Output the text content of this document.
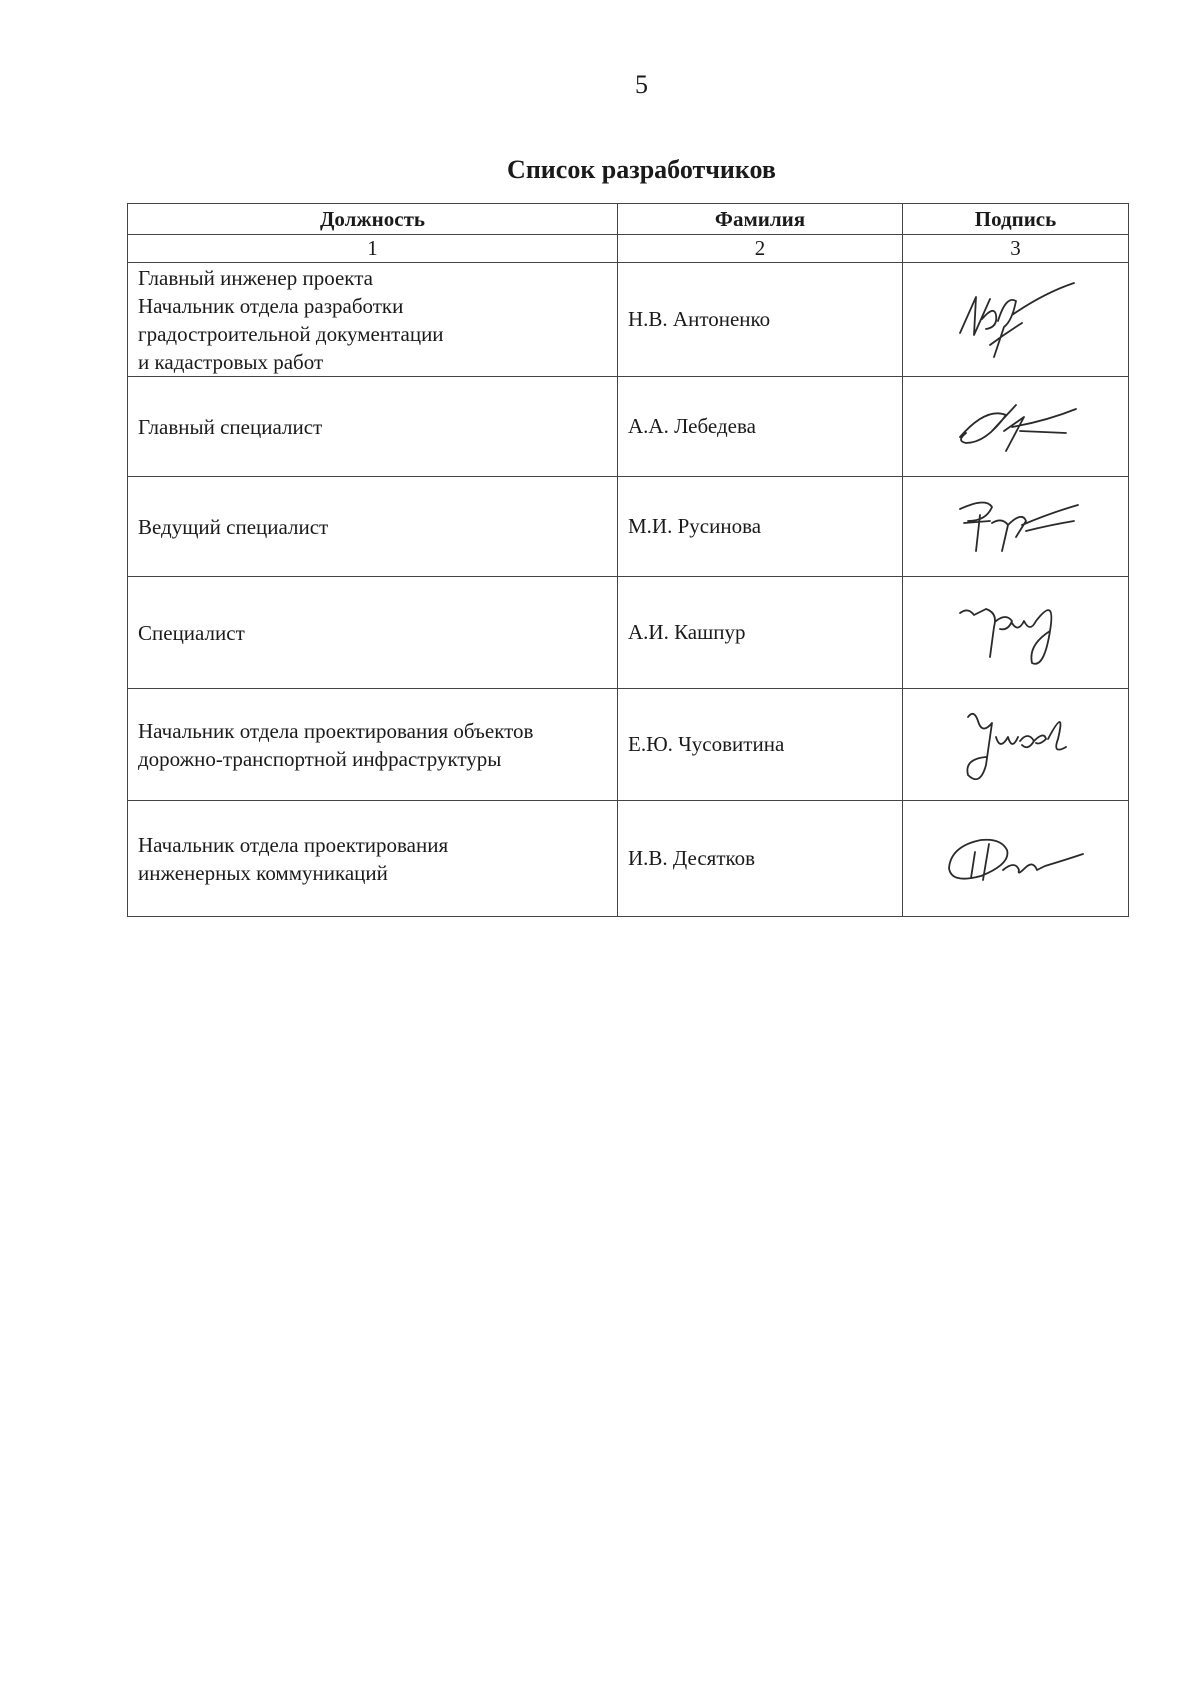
5
Список разработчиков
Должность	Фамилия	Подпись
1	2	3
Главный инженер проекта
Начальник отдела разработки
градостроительной документации
и кадастровых работ	Н.В. Антоненко	

Главный специалист	А.А. Лебедева	

Ведущий специалист	М.И. Русинова	

Специалист	А.И. Кашпур	

Начальник отдела проектирования объектов
дорожно-транспортной инфраструктуры	Е.Ю. Чусовитина	

Начальник отдела проектирования
инженерных коммуникаций	И.В. Десятков	
